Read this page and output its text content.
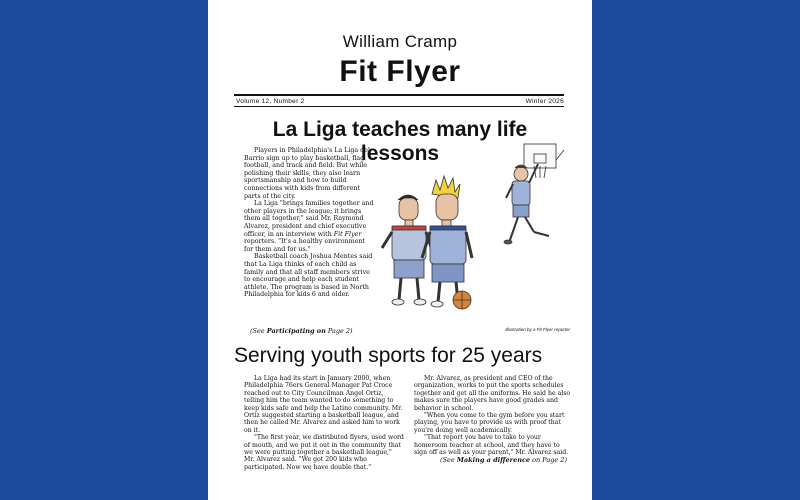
William Cramp
Fit Flyer
Volume 12, Number 2	Winter 2026
La Liga teaches many life lessons

Players in Philadelphia's La Liga del Barrio sign up to play basketball, flag football, and track and field. But while polishing their skills, they also learn sportsmanship and how to build connections with kids from different parts of the city.

La Liga "brings families together and other players in the league; it brings them all together," said Mr. Raymond Alvarez, president and chief executive officer, in an interview with Fit Flyer reporters. "It's a healthy environment for them and for us."

Basketball coach Joshua Mentes said that La Liga thinks of each child as family and that all staff members strive to encourage and help each student athlete. The program is based in North Philadelphia for kids 6 and older.

(See Participating on Page 2)	Illustration by a Fit Flyer reporter
Serving youth sports for 25 years

La Liga had its start in January 2000, when Philadelphia 76ers General Manager Pat Croce reached out to City Councilman Angel Ortiz, telling him the team wanted to do something to keep kids safe and help the Latino community. Mr. Ortiz suggested starting a basketball league, and then he called Mr. Alvarez and asked him to work on it.

"The first year, we distributed flyers, used word of mouth, and we put it out in the community that we were putting together a basketball league," Mr. Alvarez said. "We got 200 kids who participated. Now we have double that."

Mr. Alvarez, as president and CEO of the organization, works to put the sports schedules together and get all the uniforms. He said he also makes sure the players have good grades and behavior in school.

"When you come to the gym before you start playing, you have to provide us with proof that you're doing well academically.

"That report you have to take to your homeroom teacher at school, and they have to sign off as well as your parent," Mr. Alvarez said.

(See Making a difference on Page 2)
